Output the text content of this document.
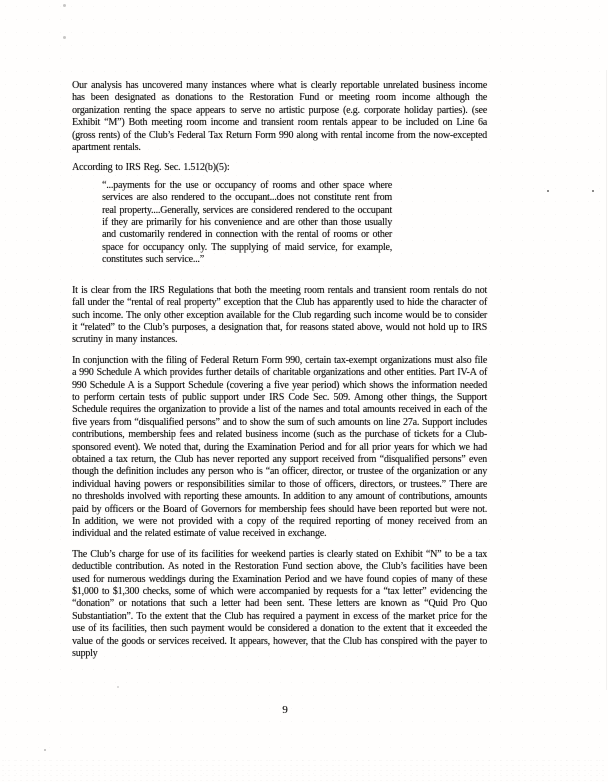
Our analysis has uncovered many instances where what is clearly reportable unrelated business income has been designated as donations to the Restoration Fund or meeting room income although the organization renting the space appears to serve no artistic purpose (e.g. corporate holiday parties). (see Exhibit “M”) Both meeting room income and transient room rentals appear to be included on Line 6a (gross rents) of the Club’s Federal Tax Return Form 990 along with rental income from the now-excepted apartment rentals.

According to IRS Reg. Sec. 1.512(b)(5):

“...payments for the use or occupancy of rooms and other space where services are also rendered to the occupant...does not constitute rent from real property....Generally, services are considered rendered to the occupant if they are primarily for his convenience and are other than those usually and customarily rendered in connection with the rental of rooms or other space for occupancy only. The supplying of maid service, for example, constitutes such service...”

It is clear from the IRS Regulations that both the meeting room rentals and transient room rentals do not fall under the “rental of real property” exception that the Club has apparently used to hide the character of such income. The only other exception available for the Club regarding such income would be to consider it “related” to the Club’s purposes, a designation that, for reasons stated above, would not hold up to IRS scrutiny in many instances.

In conjunction with the filing of Federal Return Form 990, certain tax-exempt organizations must also file a 990 Schedule A which provides further details of charitable organizations and other entities. Part IV-A of 990 Schedule A is a Support Schedule (covering a five year period) which shows the information needed to perform certain tests of public support under IRS Code Sec. 509. Among other things, the Support Schedule requires the organization to provide a list of the names and total amounts received in each of the five years from “disqualified persons” and to show the sum of such amounts on line 27a. Support includes contributions, membership fees and related business income (such as the purchase of tickets for a Club-sponsored event). We noted that, during the Examination Period and for all prior years for which we had obtained a tax return, the Club has never reported any support received from “disqualified persons” even though the definition includes any person who is “an officer, director, or trustee of the organization or any individual having powers or responsibilities similar to those of officers, directors, or trustees.” There are no thresholds involved with reporting these amounts. In addition to any amount of contributions, amounts paid by officers or the Board of Governors for membership fees should have been reported but were not. In addition, we were not provided with a copy of the required reporting of money received from an individual and the related estimate of value received in exchange.

The Club’s charge for use of its facilities for weekend parties is clearly stated on Exhibit “N” to be a tax deductible contribution. As noted in the Restoration Fund section above, the Club’s facilities have been used for numerous weddings during the Examination Period and we have found copies of many of these $1,000 to $1,300 checks, some of which were accompanied by requests for a “tax letter” evidencing the “donation” or notations that such a letter had been sent. These letters are known as “Quid Pro Quo Substantiation”. To the extent that the Club has required a payment in excess of the market price for the use of its facilities, then such payment would be considered a donation to the extent that it exceeded the value of the goods or services received. It appears, however, that the Club has conspired with the payer to supply

9
